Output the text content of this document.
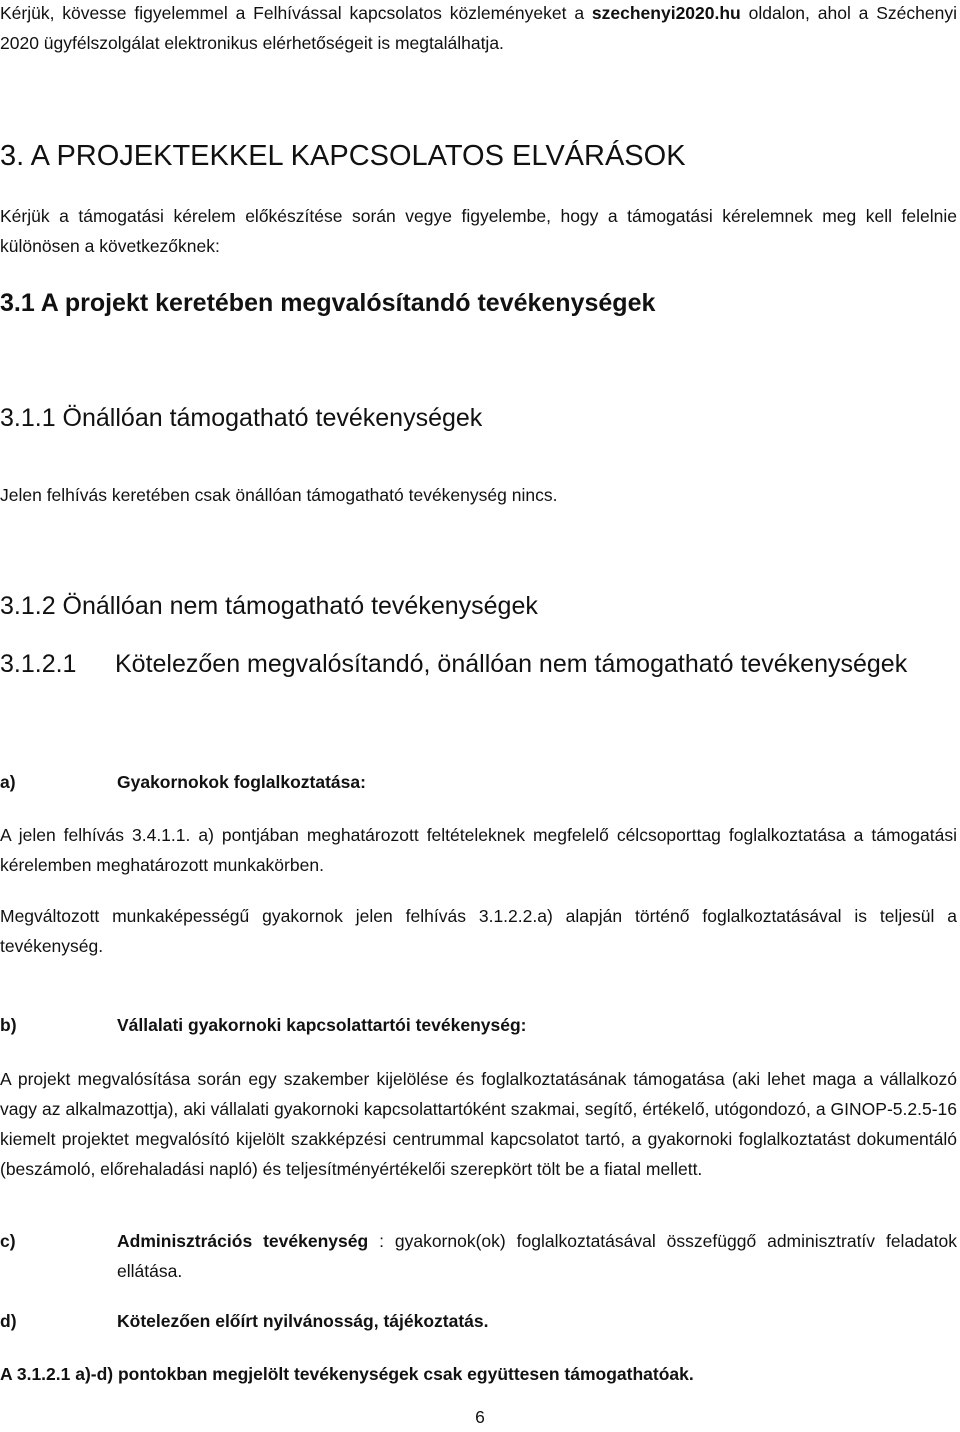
Kérjük, kövesse figyelemmel a Felhívással kapcsolatos közleményeket a szechenyi2020.hu oldalon, ahol a Széchenyi 2020 ügyfélszolgálat elektronikus elérhetőségeit is megtalálhatja.

3. A PROJEKTEKKEL KAPCSOLATOS ELVÁRÁSOK

Kérjük a támogatási kérelem előkészítése során vegye figyelembe, hogy a támogatási kérelemnek meg kell felelnie különösen a következőknek:

3.1 A projekt keretében megvalósítandó tevékenységek
3.1.1 Önállóan támogatható tevékenységek

Jelen felhívás keretében csak önállóan támogatható tevékenység nincs.

3.1.2 Önállóan nem támogatható tevékenységek
3.1.2.1	Kötelezően megvalósítandó, önállóan nem támogatható tevékenységek
a)	Gyakornokok foglalkoztatása:

A jelen felhívás 3.4.1.1. a) pontjában meghatározott feltételeknek megfelelő célcsoporttag foglalkoztatása a támogatási kérelemben meghatározott munkakörben.

Megváltozott munkaképességű gyakornok jelen felhívás 3.1.2.2.a) alapján történő foglalkoztatásával is teljesül a tevékenység.

b)	Vállalati gyakornoki kapcsolattartói tevékenység:

A projekt megvalósítása során egy szakember kijelölése és foglalkoztatásának támogatása (aki lehet maga a vállalkozó vagy az alkalmazottja), aki vállalati gyakornoki kapcsolattartóként szakmai, segítő, értékelő, utógondozó, a GINOP-5.2.5-16 kiemelt projektet megvalósító kijelölt szakképzési centrummal kapcsolatot tartó, a gyakornoki foglalkoztatást dokumentáló (beszámoló, előrehaladási napló) és teljesítményértékelői szerepkört tölt be a fiatal mellett.

c)	Adminisztrációs tevékenység : gyakornok(ok) foglalkoztatásával összefüggő adminisztratív feladatok ellátása.
d)	Kötelezően előírt nyilvánosság, tájékoztatás.

A 3.1.2.1 a)-d) pontokban megjelölt tevékenységek csak együttesen támogathatóak.

6
